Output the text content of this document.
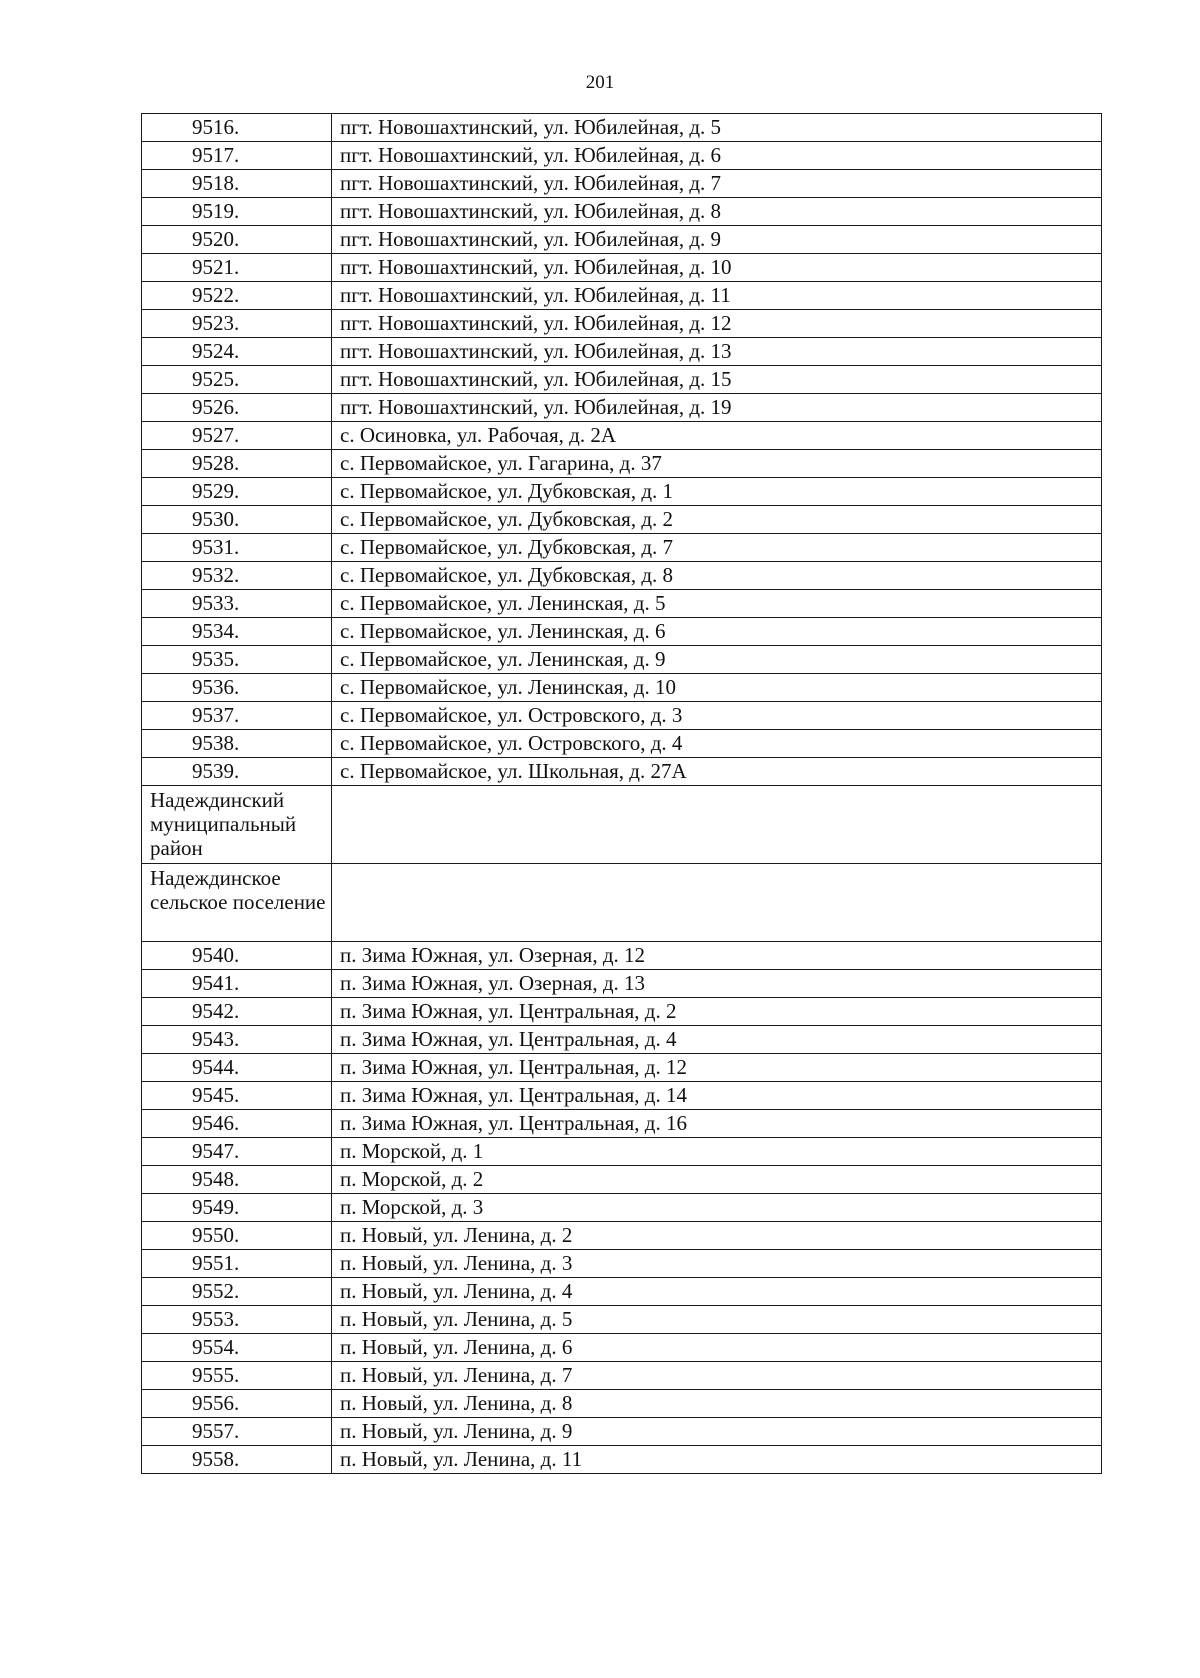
201
9516.	пгт. Новошахтинский, ул. Юбилейная, д. 5
9517.	пгт. Новошахтинский, ул. Юбилейная, д. 6
9518.	пгт. Новошахтинский, ул. Юбилейная, д. 7
9519.	пгт. Новошахтинский, ул. Юбилейная, д. 8
9520.	пгт. Новошахтинский, ул. Юбилейная, д. 9
9521.	пгт. Новошахтинский, ул. Юбилейная, д. 10
9522.	пгт. Новошахтинский, ул. Юбилейная, д. 11
9523.	пгт. Новошахтинский, ул. Юбилейная, д. 12
9524.	пгт. Новошахтинский, ул. Юбилейная, д. 13
9525.	пгт. Новошахтинский, ул. Юбилейная, д. 15
9526.	пгт. Новошахтинский, ул. Юбилейная, д. 19
9527.	с. Осиновка, ул. Рабочая, д. 2А
9528.	с. Первомайское, ул. Гагарина, д. 37
9529.	с. Первомайское, ул. Дубковская, д. 1
9530.	с. Первомайское, ул. Дубковская, д. 2
9531.	с. Первомайское, ул. Дубковская, д. 7
9532.	с. Первомайское, ул. Дубковская, д. 8
9533.	с. Первомайское, ул. Ленинская, д. 5
9534.	с. Первомайское, ул. Ленинская, д. 6
9535.	с. Первомайское, ул. Ленинская, д. 9
9536.	с. Первомайское, ул. Ленинская, д. 10
9537.	с. Первомайское, ул. Островского, д. 3
9538.	с. Первомайское, ул. Островского, д. 4
9539.	с. Первомайское, ул. Школьная, д. 27А
Надеждинский муниципальный район	
Надеждинское сельское поселение	
9540.	п. Зима Южная, ул. Озерная, д. 12
9541.	п. Зима Южная, ул. Озерная, д. 13
9542.	п. Зима Южная, ул. Центральная, д. 2
9543.	п. Зима Южная, ул. Центральная, д. 4
9544.	п. Зима Южная, ул. Центральная, д. 12
9545.	п. Зима Южная, ул. Центральная, д. 14
9546.	п. Зима Южная, ул. Центральная, д. 16
9547.	п. Морской, д. 1
9548.	п. Морской, д. 2
9549.	п. Морской, д. 3
9550.	п. Новый, ул. Ленина, д. 2
9551.	п. Новый, ул. Ленина, д. 3
9552.	п. Новый, ул. Ленина, д. 4
9553.	п. Новый, ул. Ленина, д. 5
9554.	п. Новый, ул. Ленина, д. 6
9555.	п. Новый, ул. Ленина, д. 7
9556.	п. Новый, ул. Ленина, д. 8
9557.	п. Новый, ул. Ленина, д. 9
9558.	п. Новый, ул. Ленина, д. 11
